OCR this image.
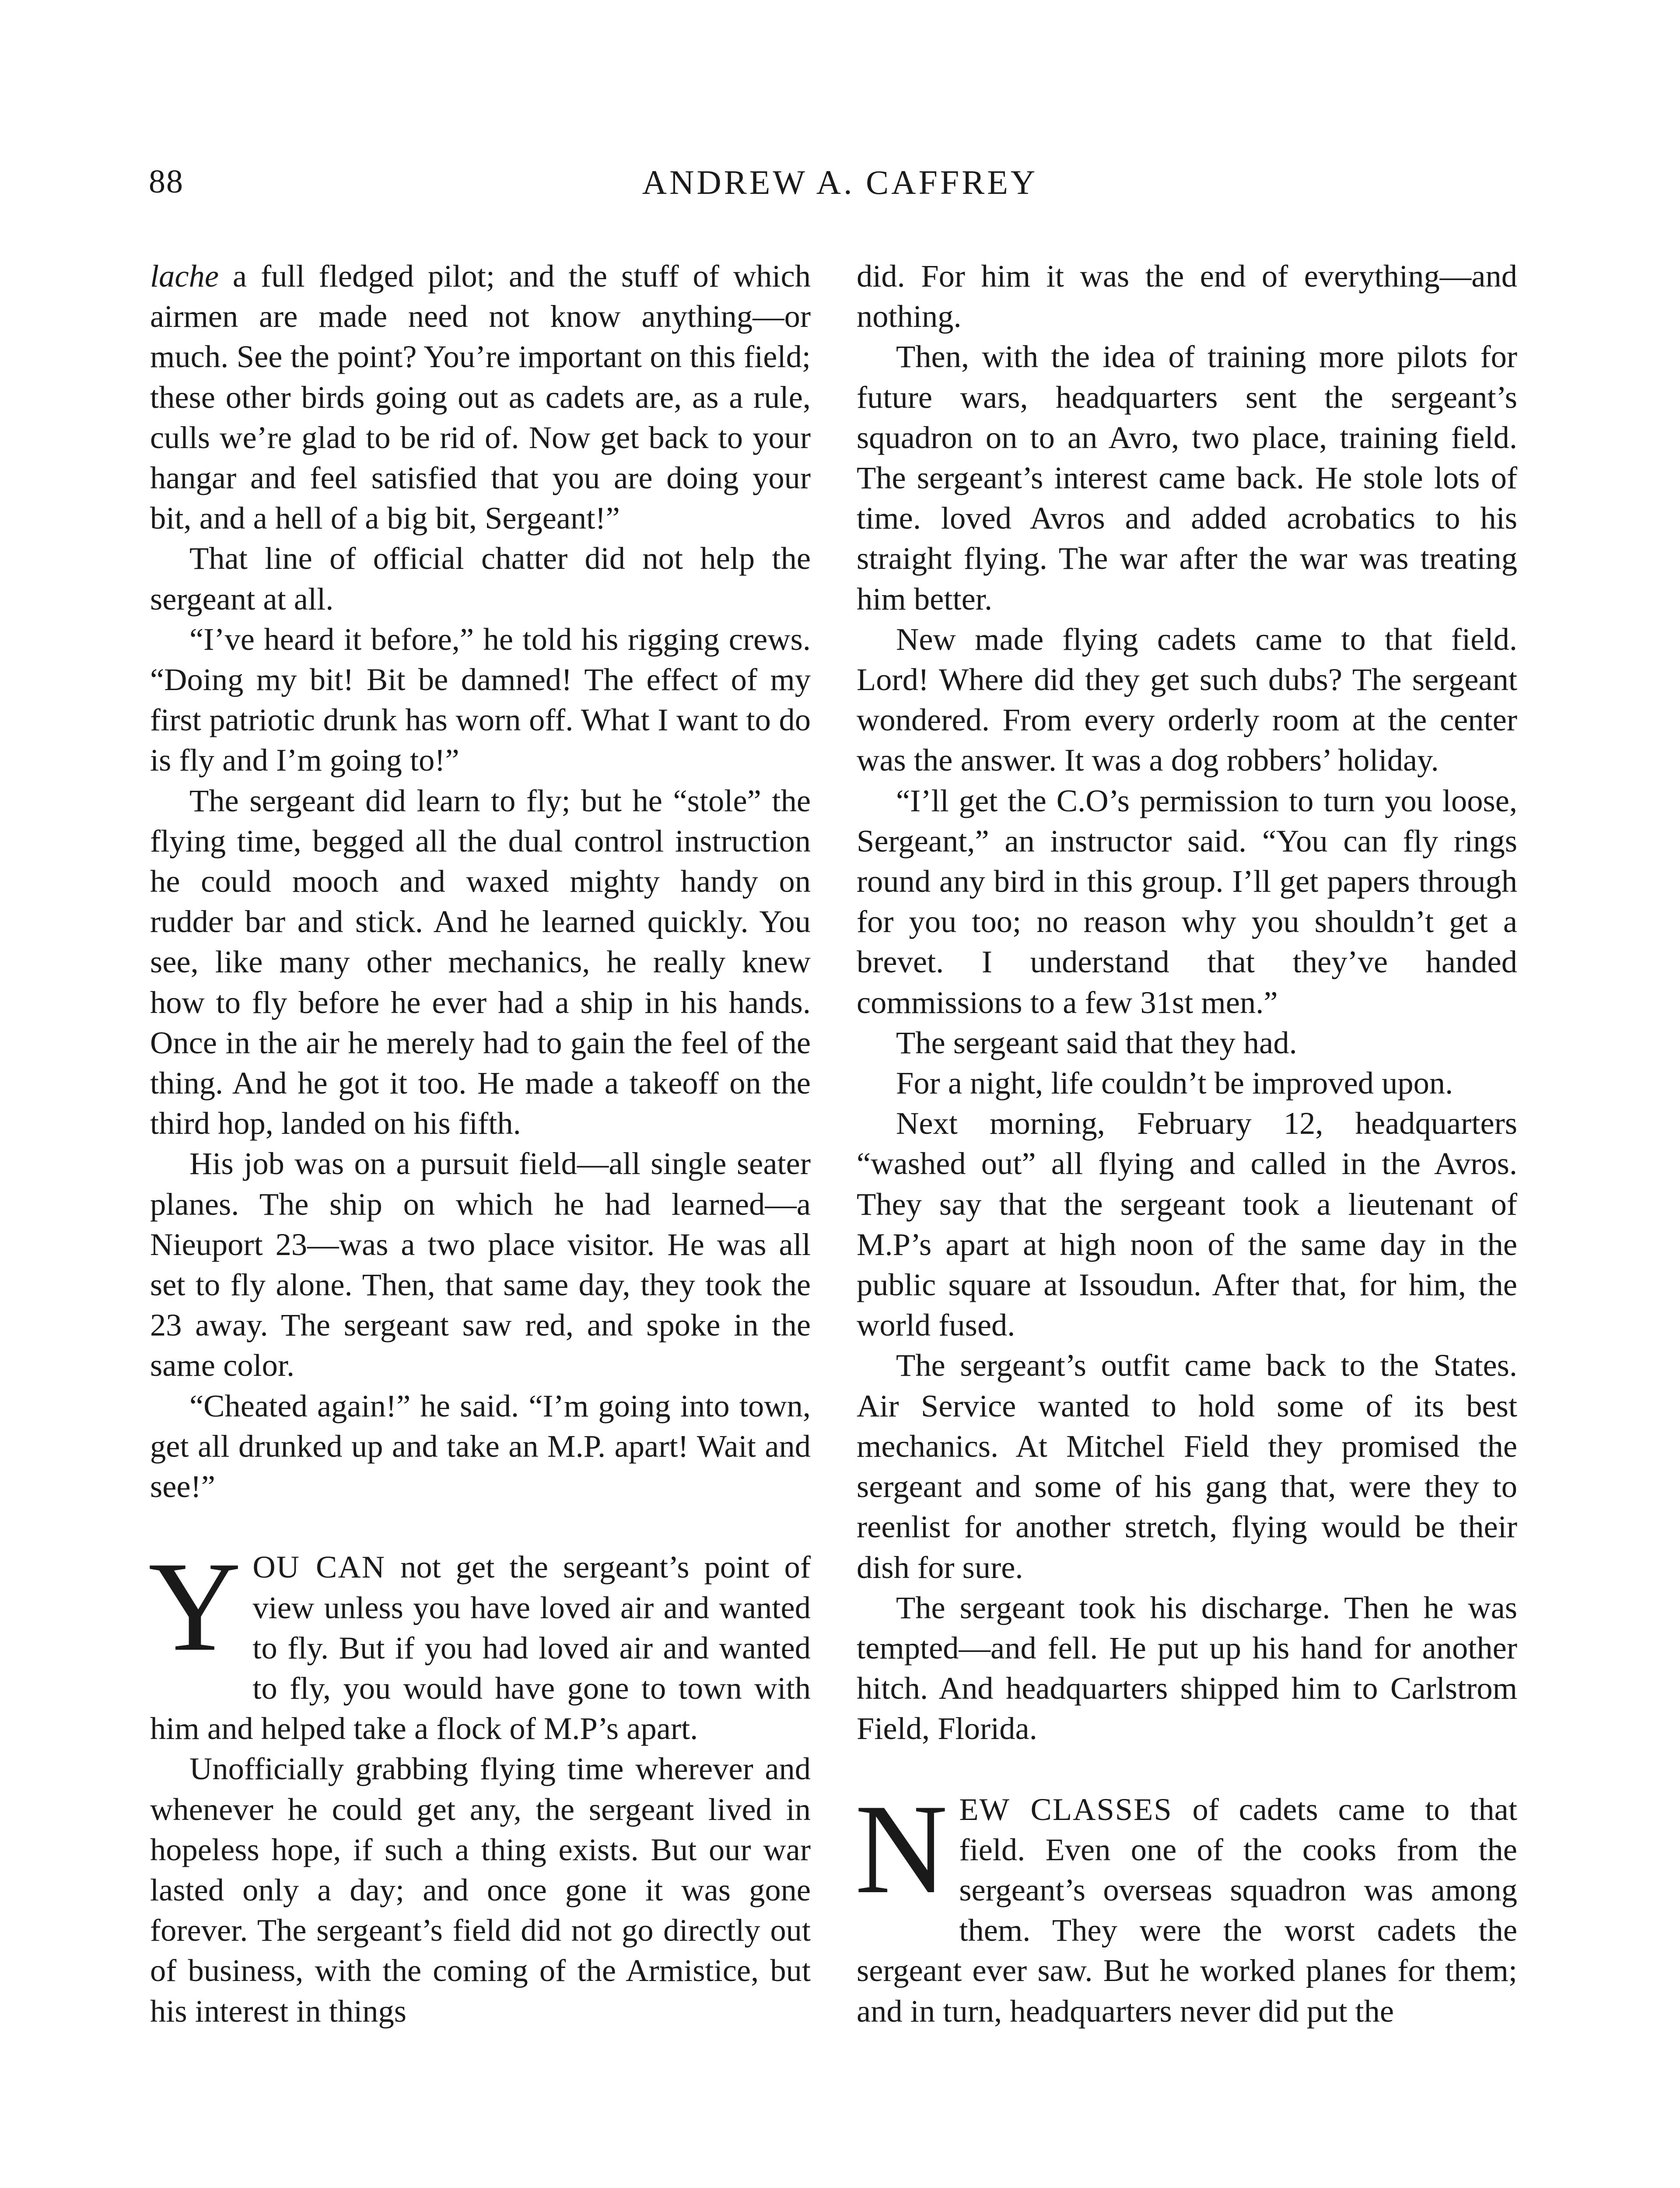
88	ANDREW A. CAFFREY

lache a full fledged pilot; and the stuff of which airmen are made need not know anything—or much. See the point? You’re important on this field; these other birds going out as cadets are, as a rule, culls we’re glad to be rid of. Now get back to your hangar and feel satisfied that you are doing your bit, and a hell of a big bit, Sergeant!”

That line of official chatter did not help the sergeant at all.

“I’ve heard it before,” he told his rigging crews. “Doing my bit! Bit be damned! The effect of my first patriotic drunk has worn off. What I want to do is fly and I’m going to!”

The sergeant did learn to fly; but he “stole” the flying time, begged all the dual control instruction he could mooch and waxed mighty handy on rudder bar and stick. And he learned quickly. You see, like many other mechanics, he really knew how to fly before he ever had a ship in his hands. Once in the air he merely had to gain the feel of the thing. And he got it too. He made a takeoff on the third hop, landed on his fifth.

His job was on a pursuit field—all single seater planes. The ship on which he had learned—a Nieuport 23—was a two place visitor. He was all set to fly alone. Then, that same day, they took the 23 away. The sergeant saw red, and spoke in the same color.

“Cheated again!” he said. “I’m going into town, get all drunked up and take an M.P. apart! Wait and see!”

YOU CAN not get the sergeant’s point of view unless you have loved air and wanted to fly. But if you had loved air and wanted to fly, you would have gone to town with him and helped take a flock of M.P’s apart.

Unofficially grabbing flying time wherever and whenever he could get any, the sergeant lived in hopeless hope, if such a thing exists. But our war lasted only a day; and once gone it was gone forever. The sergeant’s field did not go directly out of business, with the coming of the Armistice, but his interest in things

did. For him it was the end of everything—and nothing.

Then, with the idea of training more pilots for future wars, headquarters sent the sergeant’s squadron on to an Avro, two place, training field. The sergeant’s interest came back. He stole lots of time. loved Avros and added acrobatics to his straight flying. The war after the war was treating him better.

New made flying cadets came to that field. Lord! Where did they get such dubs? The sergeant wondered. From every orderly room at the center was the answer. It was a dog robbers’ holiday.

“I’ll get the C.O’s permission to turn you loose, Sergeant,” an instructor said. “You can fly rings round any bird in this group. I’ll get papers through for you too; no reason why you shouldn’t get a brevet. I understand that they’ve handed commissions to a few 31st men.”

The sergeant said that they had.

For a night, life couldn’t be improved upon.

Next morning, February 12, headquarters “washed out” all flying and called in the Avros. They say that the sergeant took a lieutenant of M.P’s apart at high noon of the same day in the public square at Issoudun. After that, for him, the world fused.

The sergeant’s outfit came back to the States. Air Service wanted to hold some of its best mechanics. At Mitchel Field they promised the sergeant and some of his gang that, were they to reenlist for another stretch, flying would be their dish for sure.

The sergeant took his discharge. Then he was tempted—and fell. He put up his hand for another hitch. And headquarters shipped him to Carlstrom Field, Florida.

NEW CLASSES of cadets came to that field. Even one of the cooks from the sergeant’s overseas squadron was among them. They were the worst cadets the sergeant ever saw. But he worked planes for them; and in turn, headquarters never did put the
